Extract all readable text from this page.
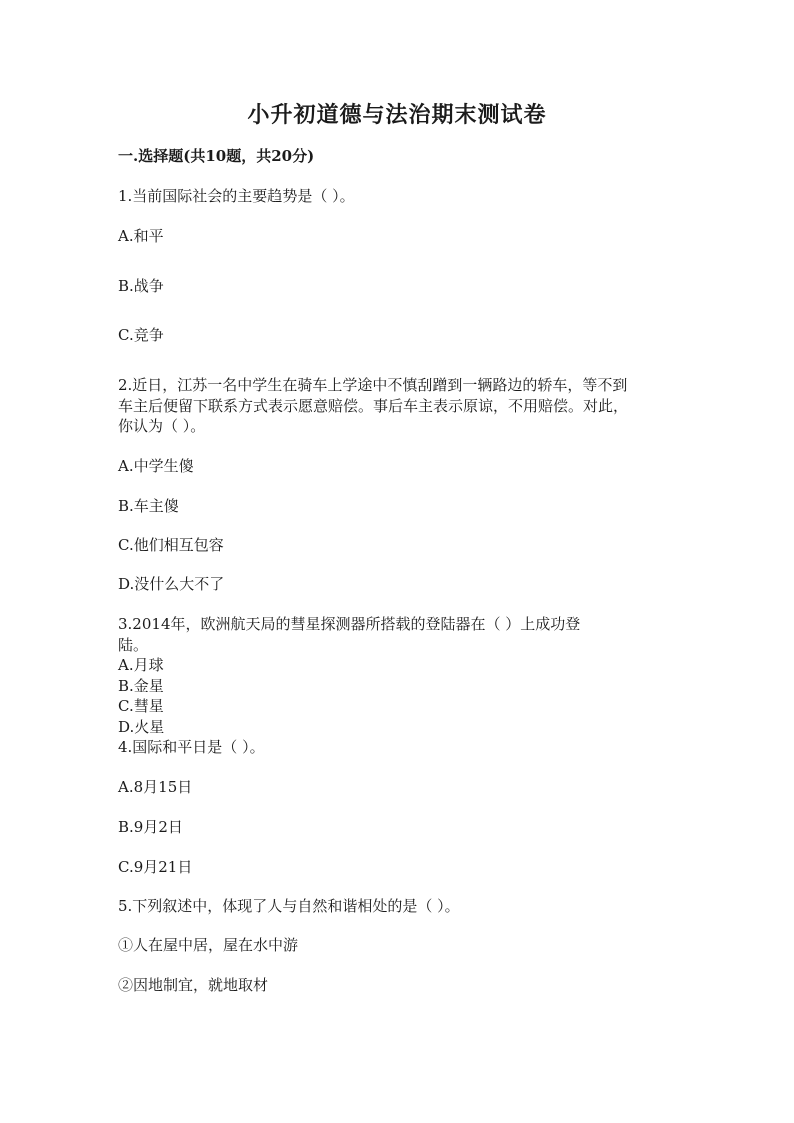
小升初道德与法治期末测试卷
一.选择题(共10题，共20分)
1.当前国际社会的主要趋势是（ ）。
A.和平
B.战争
C.竞争
2.近日，江苏一名中学生在骑车上学途中不慎刮蹭到一辆路边的轿车，等不到
车主后便留下联系方式表示愿意赔偿。事后车主表示原谅，不用赔偿。对此，
你认为（ ）。
A.中学生傻
B.车主傻
C.他们相互包容
D.没什么大不了
3.2014年，欧洲航天局的彗星探测器所搭载的登陆器在（ ）上成功登
陆。
A.月球
B.金星
C.彗星
D.火星
4.国际和平日是（ ）。
A.8月15日
B.9月2日
C.9月21日
5.下列叙述中，体现了人与自然和谐相处的是（ ）。
①人在屋中居，屋在水中游
②因地制宜，就地取材
